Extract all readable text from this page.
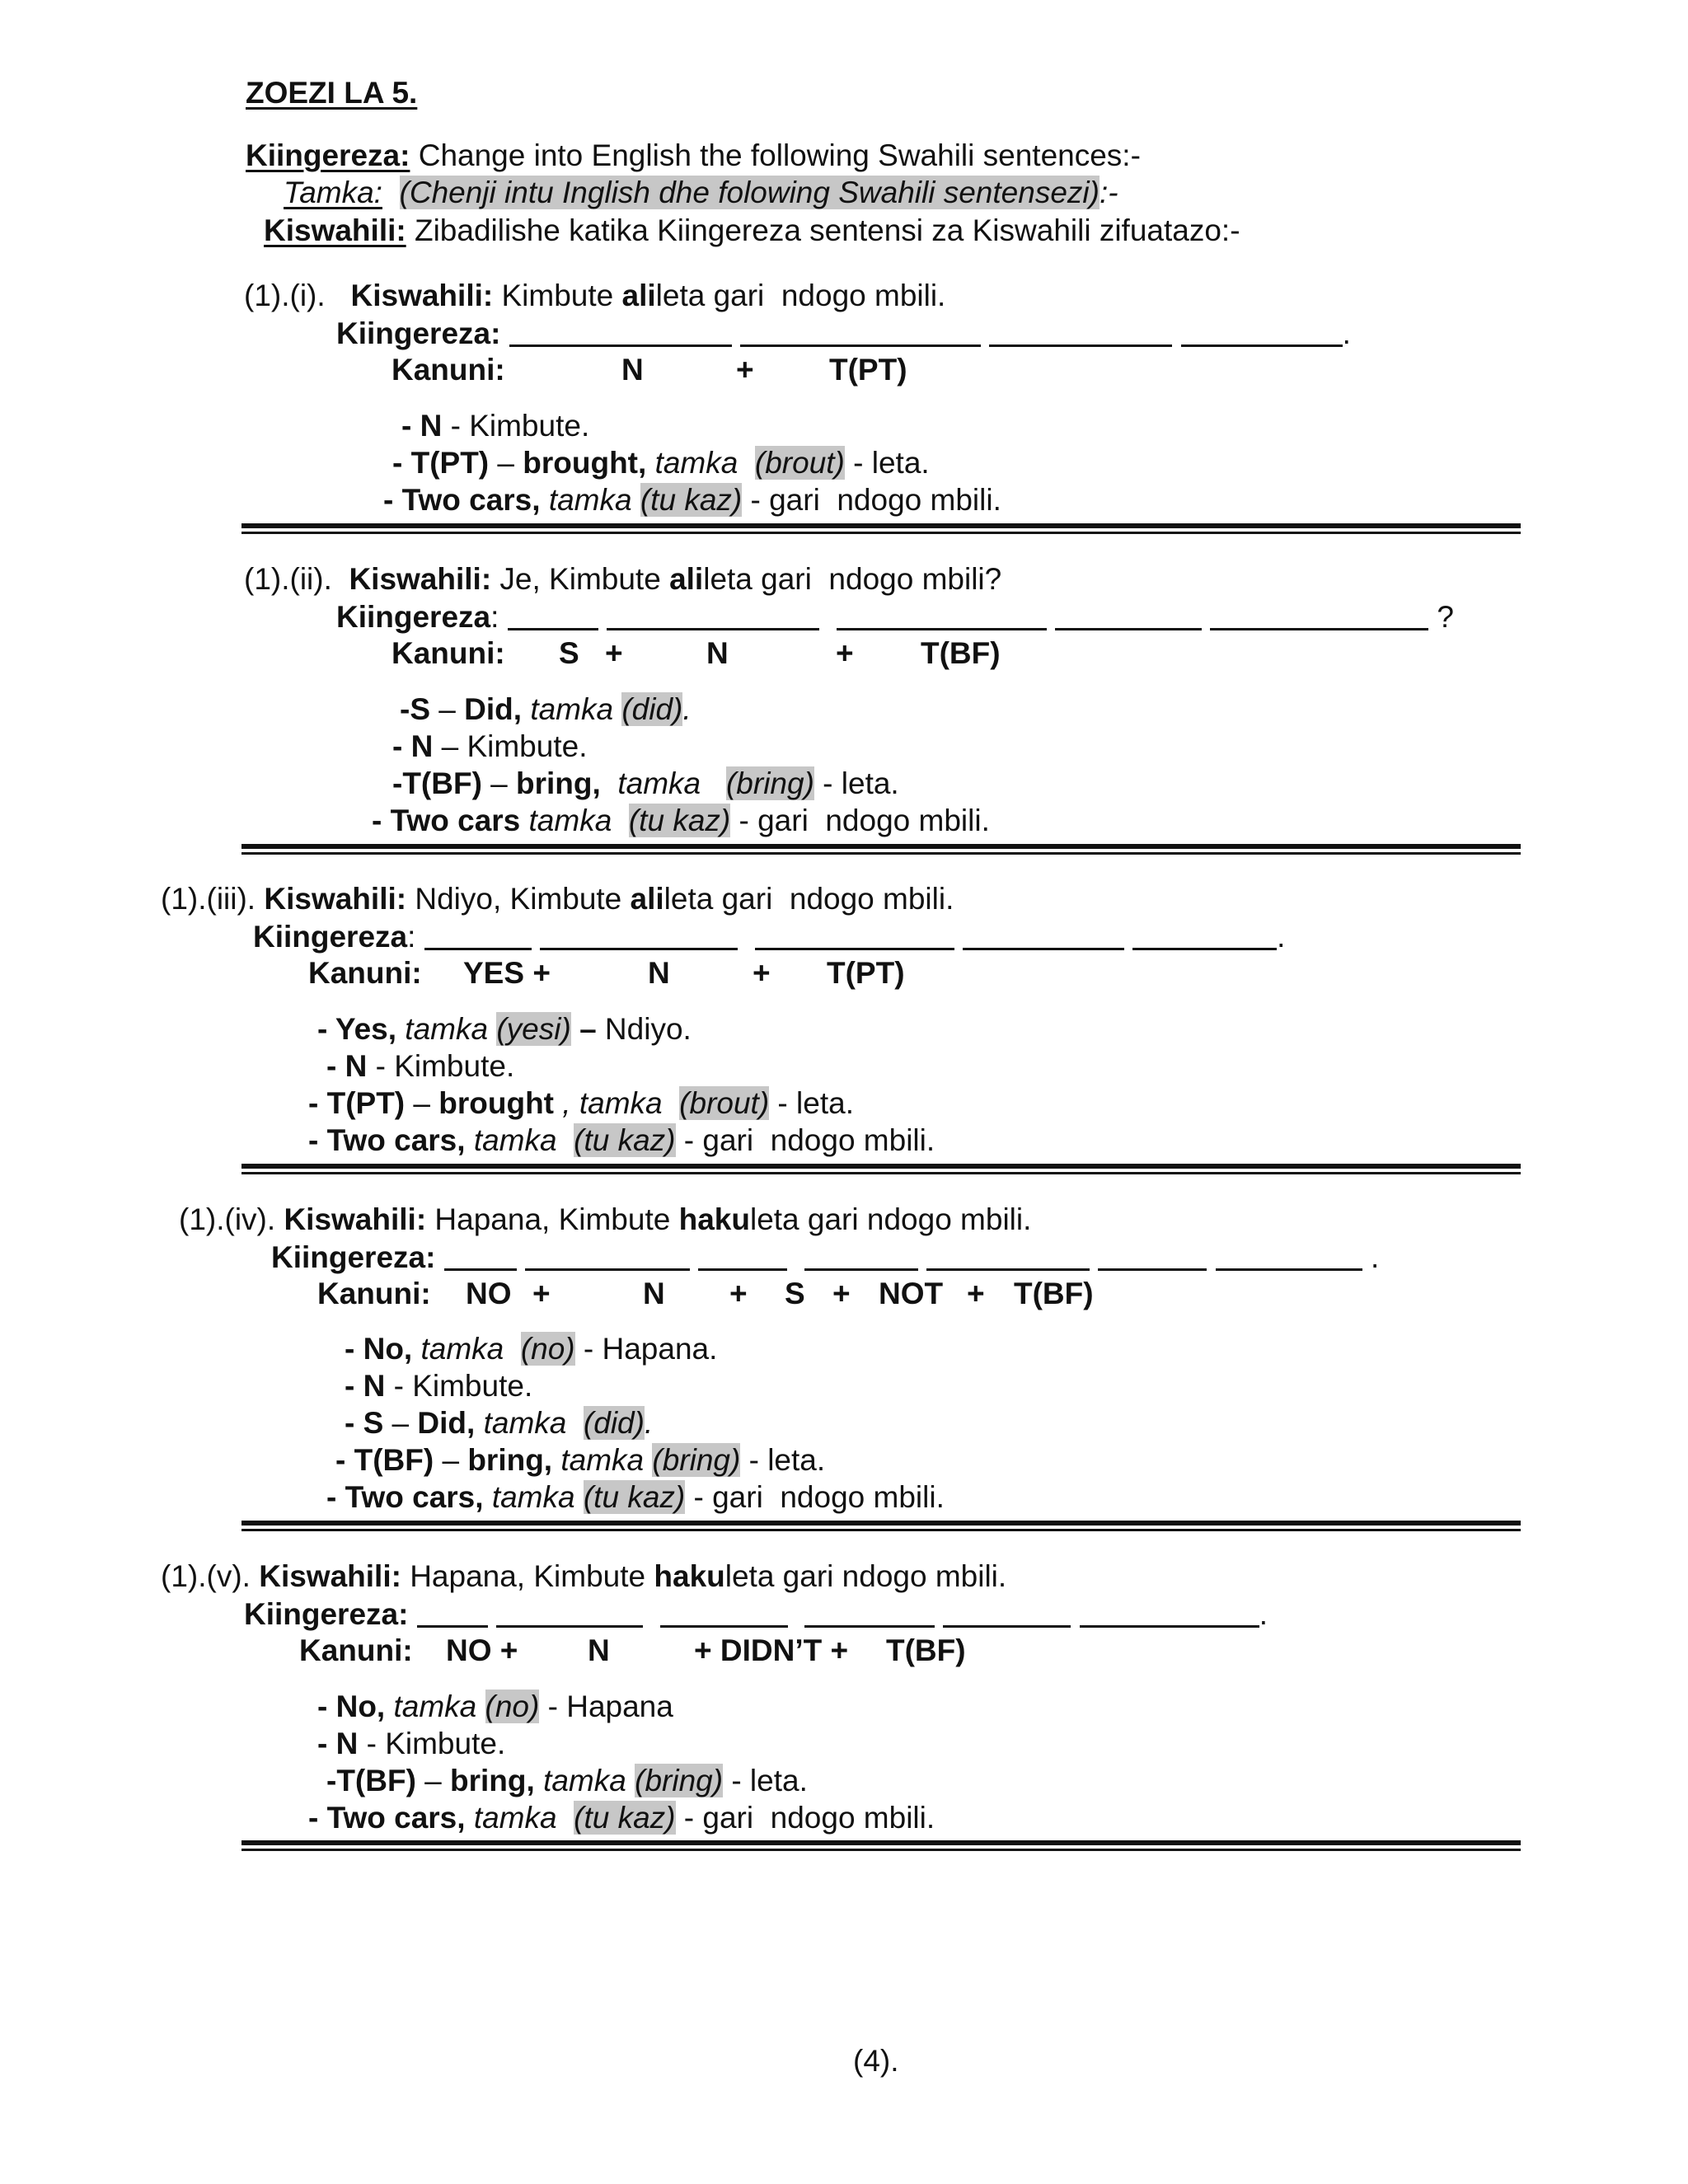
ZOEZI LA 5.
Kiingereza: Change into English the following Swahili sentences:-
Tamka: (Chenji intu Inglish dhe folowing Swahili sentensezi):-
Kiswahili: Zibadilishe katika Kiingereza sentensi za Kiswahili zifuatazo:-
(1).(i). Kiswahili: Kimbute alileta gari  ndogo mbili.
Kiingereza:	.
Kanuni:	N	+ T(PT)
- N - Kimbute.
- T(PT) – brought, tamka (brout) - leta.
- Two cars, tamka (tu kaz) - gari  ndogo mbili.
(1).(ii). Kiswahili: Je, Kimbute alileta gari  ndogo mbili?
Kiingereza:	?
Kanuni: S +	N	+ T(BF)
-S – Did, tamka (did).
- N – Kimbute.
-T(BF) – bring, tamka (bring) - leta.
- Two cars tamka (tu kaz) - gari  ndogo mbili.
(1).(iii). Kiswahili: Ndiyo, Kimbute alileta gari  ndogo mbili.
Kiingereza:	.
Kanuni: YES +	N	+ T(PT)
- Yes, tamka (yesi) – Ndiyo.
- N - Kimbute.
- T(PT) – brought , tamka (brout) - leta.
- Two cars, tamka (tu kaz) - gari  ndogo mbili.
(1).(iv). Kiswahili: Hapana, Kimbute hakuleta gari ndogo mbili.
Kiingereza:	.
Kanuni: NO +	N + S + NOT + T(BF)
- No, tamka (no) - Hapana.
- N - Kimbute.
- S – Did, tamka (did).
- T(BF) – bring, tamka (bring) - leta.
- Two cars, tamka (tu kaz) - gari  ndogo mbili.
(1).(v). Kiswahili: Hapana, Kimbute hakuleta gari ndogo mbili.
Kiingereza:	.
Kanuni: NO + N	+ DIDN’T + T(BF)
- No, tamka (no) - Hapana
- N - Kimbute.
-T(BF) – bring, tamka (bring) - leta.
- Two cars, tamka (tu kaz) - gari  ndogo mbili.
(4).
